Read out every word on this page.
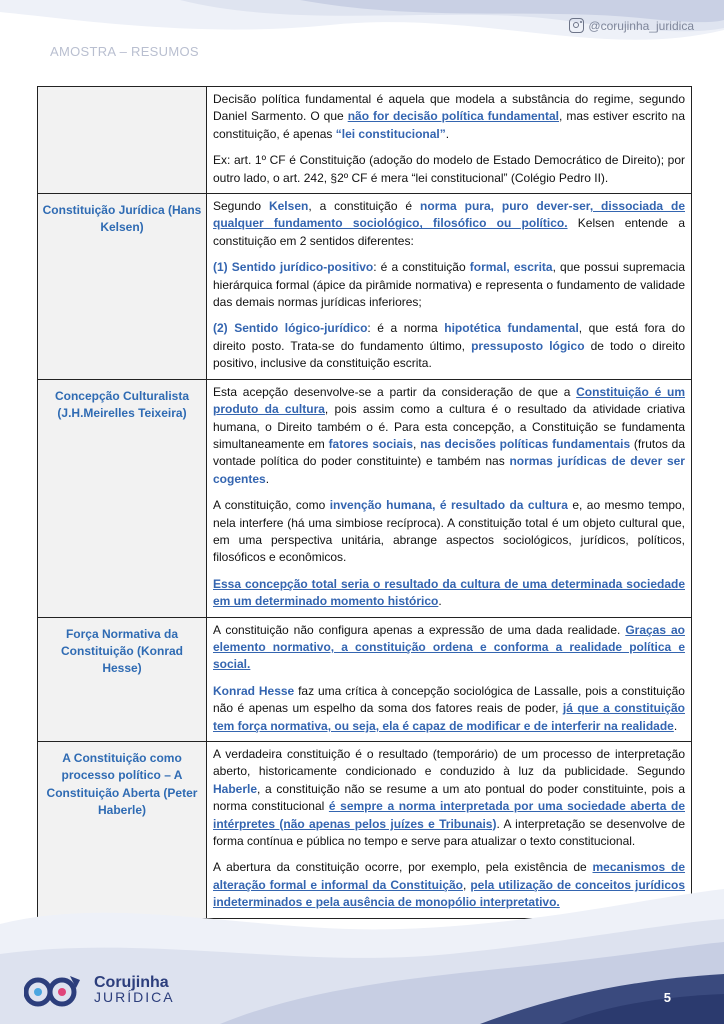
AMOSTRA – RESUMOS
@corujinha_juridica

	Decisão política fundamental é aquela que modela a substância do regime, segundo Daniel Sarmento. O que não for decisão política fundamental, mas estiver escrito na constituição, é apenas “lei constitucional”.

Ex: art. 1º CF é Constituição (adoção do modelo de Estado Democrático de Direito); por outro lado, o art. 242, §2º CF é mera “lei constitucional” (Colégio Pedro II).

Constituição Jurídica (Hans Kelsen)	Segundo Kelsen, a constituição é norma pura, puro dever-ser, dissociada de qualquer fundamento sociológico, filosófico ou político. Kelsen entende a constituição em 2 sentidos diferentes:

(1) Sentido jurídico-positivo: é a constituição formal, escrita, que possui supremacia hierárquica formal (ápice da pirâmide normativa) e representa o fundamento de validade das demais normas jurídicas inferiores;

(2) Sentido lógico-jurídico: é a norma hipotética fundamental, que está fora do direito posto. Trata-se do fundamento último, pressuposto lógico de todo o direito positivo, inclusive da constituição escrita.

Concepção Culturalista (J.H.Meirelles Teixeira)	Esta acepção desenvolve-se a partir da consideração de que a Constituição é um produto da cultura, pois assim como a cultura é o resultado da atividade criativa humana, o Direito também o é. Para esta concepção, a Constituição se fundamenta simultaneamente em fatores sociais, nas decisões políticas fundamentais (frutos da vontade política do poder constituinte) e também nas normas jurídicas de dever ser cogentes.

A constituição, como invenção humana, é resultado da cultura e, ao mesmo tempo, nela interfere (há uma simbiose recíproca). A constituição total é um objeto cultural que, em uma perspectiva unitária, abrange aspectos sociológicos, jurídicos, políticos, filosóficos e econômicos.

Essa concepção total seria o resultado da cultura de uma determinada sociedade em um determinado momento histórico.

Força Normativa da Constituição (Konrad Hesse)	A constituição não configura apenas a expressão de uma dada realidade. Graças ao elemento normativo, a constituição ordena e conforma a realidade política e social.

Konrad Hesse faz uma crítica à concepção sociológica de Lassalle, pois a constituição não é apenas um espelho da soma dos fatores reais de poder, já que a constituição tem força normativa, ou seja, ela é capaz de modificar e de interferir na realidade.

A Constituição como processo político – A Constituição Aberta (Peter Haberle)	A verdadeira constituição é o resultado (temporário) de um processo de interpretação aberto, historicamente condicionado e conduzido à luz da publicidade. Segundo Haberle, a constituição não se resume a um ato pontual do poder constituinte, pois a norma constitucional é sempre a norma interpretada por uma sociedade aberta de intérpretes (não apenas pelos juízes e Tribunais). A interpretação se desenvolve de forma contínua e pública no tempo e serve para atualizar o texto constitucional.

A abertura da constituição ocorre, por exemplo, pela existência de mecanismos de alteração formal e informal da Constituição, pela utilização de conceitos jurídicos indeterminados e pela ausência de monopólio interpretativo.

Corujinha
JURÍDICA	5
